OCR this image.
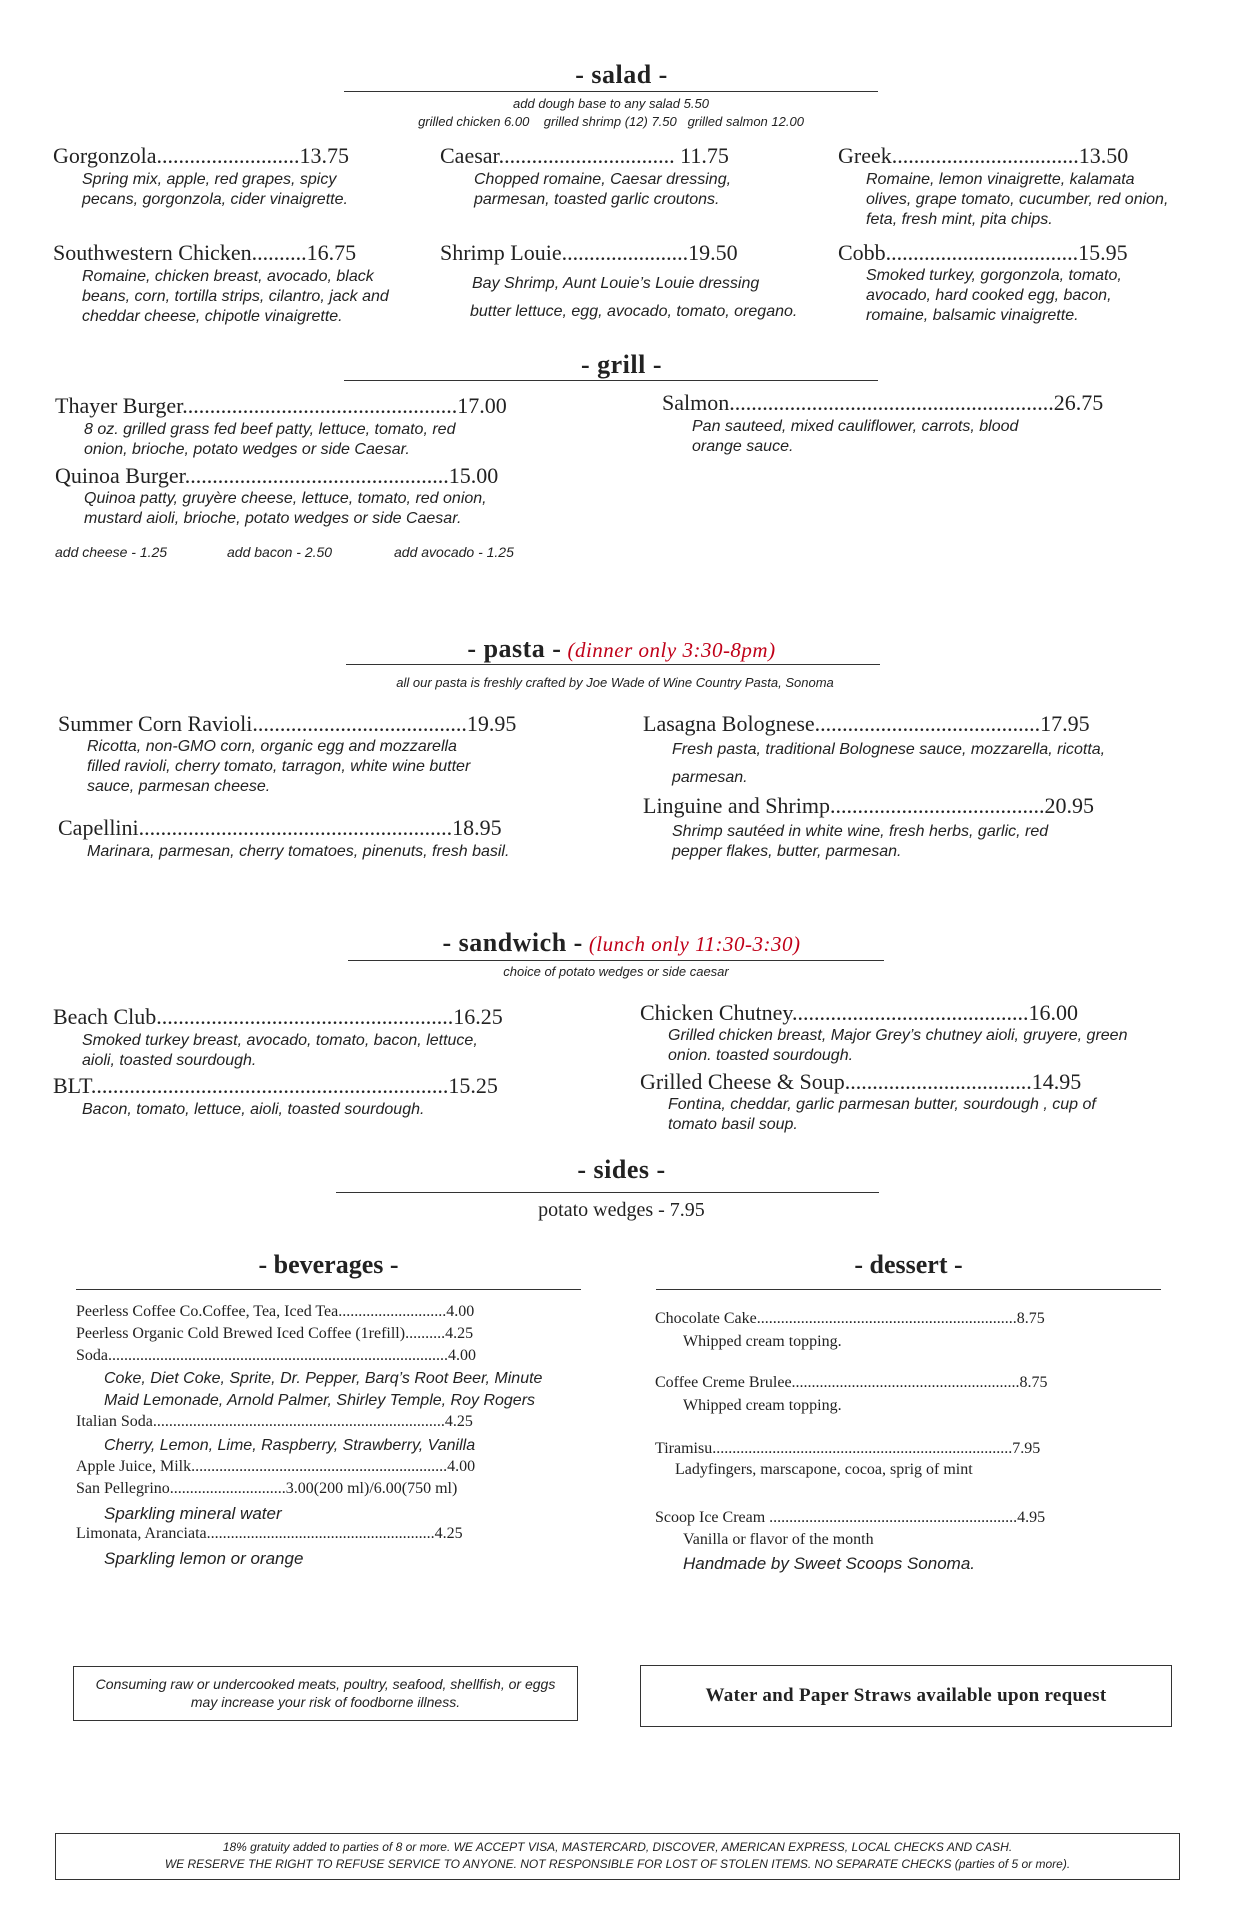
- salad -
add dough base to any salad 5.50
grilled chicken 6.00    grilled shrimp (12) 7.50   grilled salmon 12.00
Gorgonzola..........................13.75
Spring mix, apple, red grapes, spicy pecans, gorgonzola, cider vinaigrette.
Caesar................................ 11.75
Chopped romaine, Caesar dressing, parmesan, toasted garlic croutons.
Greek..................................13.50
Romaine, lemon vinaigrette, kalamata olives, grape tomato, cucumber, red onion, feta, fresh mint, pita chips.
Southwestern Chicken..........16.75
Romaine, chicken breast, avocado, black beans, corn, tortilla strips, cilantro, jack and cheddar cheese, chipotle vinaigrette.
Shrimp Louie.......................19.50
Bay Shrimp, Aunt Louie’s Louie dressing
butter lettuce, egg, avocado, tomato, oregano.
Cobb...................................15.95
Smoked turkey, gorgonzola, tomato, avocado, hard cooked egg, bacon, romaine, balsamic vinaigrette.
- grill -
Thayer Burger..................................................17.00
8 oz. grilled grass fed beef patty, lettuce, tomato, red onion, brioche, potato wedges or side Caesar.
Quinoa Burger................................................15.00
Quinoa patty, gruyère cheese, lettuce, tomato, red onion, mustard aioli, brioche, potato wedges or side Caesar.
Salmon...........................................................26.75
Pan sauteed, mixed cauliflower, carrots, blood orange sauce.
add cheese - 1.25	add bacon - 2.50	add avocado - 1.25
- pasta - (dinner only 3:30-8pm)
all our pasta is freshly crafted by Joe Wade of Wine Country Pasta, Sonoma
Summer Corn Ravioli.......................................19.95
Ricotta, non-GMO corn, organic egg and mozzarella filled ravioli, cherry tomato, tarragon, white wine butter sauce, parmesan cheese.
Capellini.........................................................18.95
Marinara, parmesan, cherry tomatoes, pinenuts, fresh basil.
Lasagna Bolognese.........................................17.95
Fresh pasta, traditional Bolognese sauce, mozzarella, ricotta,
parmesan.
Linguine and Shrimp.......................................20.95
Shrimp sautéed in white wine, fresh herbs, garlic, red pepper flakes, butter, parmesan.
- sandwich - (lunch only 11:30-3:30)
choice of potato wedges or side caesar
Beach Club......................................................16.25
Smoked turkey breast, avocado, tomato, bacon, lettuce, aioli, toasted sourdough.
BLT.................................................................15.25
Bacon, tomato, lettuce, aioli, toasted sourdough.
Chicken Chutney...........................................16.00
Grilled chicken breast, Major Grey’s chutney aioli, gruyere, green onion. toasted sourdough.
Grilled Cheese & Soup..................................14.95
Fontina, cheddar, garlic parmesan butter, sourdough , cup of tomato basil soup.
- sides -
potato wedges - 7.95
- beverages -
Peerless Coffee Co.Coffee, Tea, Iced Tea...........................4.00
Peerless Organic Cold Brewed Iced Coffee (1refill)..........4.25
Soda.....................................................................................4.00
Coke, Diet Coke, Sprite, Dr. Pepper, Barq’s Root Beer, Minute Maid Lemonade, Arnold Palmer, Shirley Temple, Roy Rogers
Italian Soda.........................................................................4.25
Cherry, Lemon, Lime, Raspberry, Strawberry, Vanilla
Apple Juice, Milk................................................................4.00
San Pellegrino.............................3.00(200 ml)/6.00(750 ml)
Sparkling mineral water
Limonata, Aranciata.........................................................4.25
Sparkling lemon or orange
- dessert -
Chocolate Cake.................................................................8.75
Whipped cream topping.
Coffee Creme Brulee.........................................................8.75
Whipped cream topping.
Tiramisu...........................................................................7.95
Ladyfingers, marscapone, cocoa, sprig of mint
Scoop Ice Cream ..............................................................4.95
Vanilla or flavor of the month
Handmade by Sweet Scoops Sonoma.
Consuming raw or undercooked meats, poultry, seafood, shellfish, or eggs may increase your risk of foodborne illness.	Water and Paper Straws available upon request
18% gratuity added to parties of 8 or more. WE ACCEPT VISA, MASTERCARD, DISCOVER, AMERICAN EXPRESS, LOCAL CHECKS AND CASH.
WE RESERVE THE RIGHT TO REFUSE SERVICE TO ANYONE. NOT RESPONSIBLE FOR LOST OF STOLEN ITEMS. NO SEPARATE CHECKS (parties of 5 or more).
